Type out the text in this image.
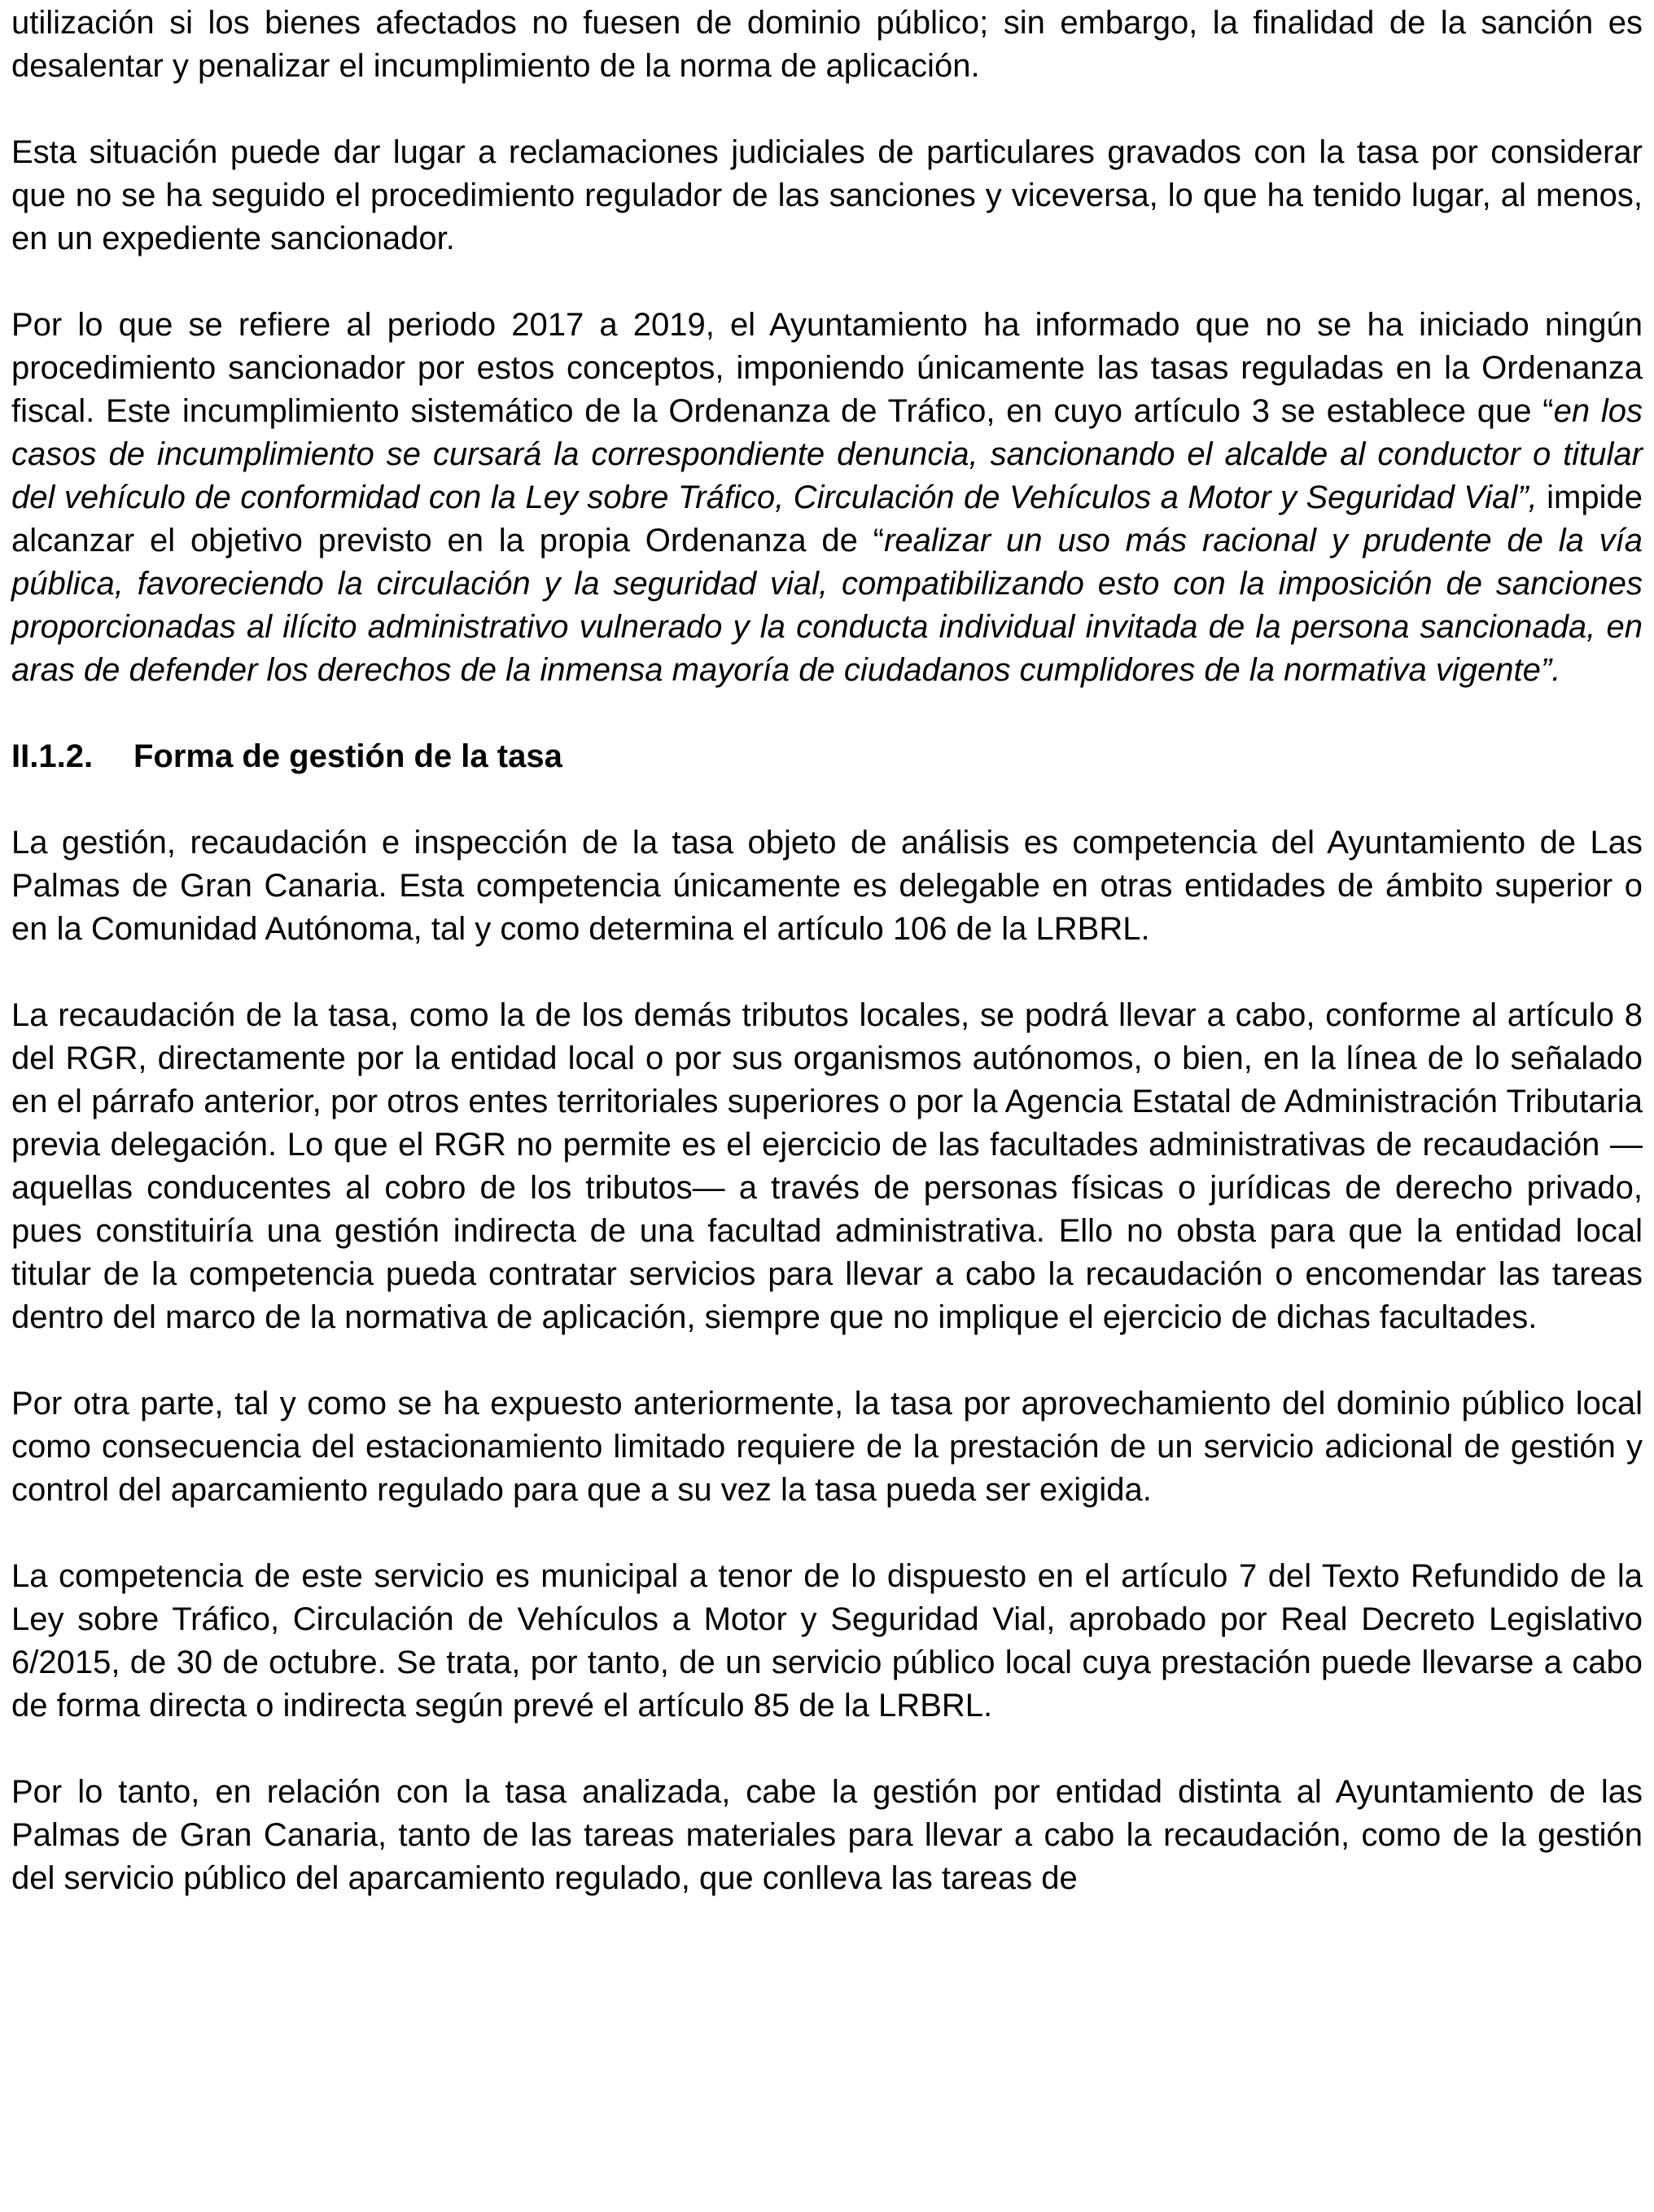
utilización si los bienes afectados no fuesen de dominio público; sin embargo, la finalidad de la sanción es desalentar y penalizar el incumplimiento de la norma de aplicación.

Esta situación puede dar lugar a reclamaciones judiciales de particulares gravados con la tasa por considerar que no se ha seguido el procedimiento regulador de las sanciones y viceversa, lo que ha tenido lugar, al menos, en un expediente sancionador.

Por lo que se refiere al periodo 2017 a 2019, el Ayuntamiento ha informado que no se ha iniciado ningún procedimiento sancionador por estos conceptos, imponiendo únicamente las tasas reguladas en la Ordenanza fiscal. Este incumplimiento sistemático de la Ordenanza de Tráfico, en cuyo artículo 3 se establece que “en los casos de incumplimiento se cursará la correspondiente denuncia, sancionando el alcalde al conductor o titular del vehículo de conformidad con la Ley sobre Tráfico, Circulación de Vehículos a Motor y Seguridad Vial”, impide alcanzar el objetivo previsto en la propia Ordenanza de “realizar un uso más racional y prudente de la vía pública, favoreciendo la circulación y la seguridad vial, compatibilizando esto con la imposición de sanciones proporcionadas al ilícito administrativo vulnerado y la conducta individual invitada de la persona sancionada, en aras de defender los derechos de la inmensa mayoría de ciudadanos cumplidores de la normativa vigente”.

II.1.2. Forma de gestión de la tasa

La gestión, recaudación e inspección de la tasa objeto de análisis es competencia del Ayuntamiento de Las Palmas de Gran Canaria. Esta competencia únicamente es delegable en otras entidades de ámbito superior o en la Comunidad Autónoma, tal y como determina el artículo 106 de la LRBRL.

La recaudación de la tasa, como la de los demás tributos locales, se podrá llevar a cabo, conforme al artículo 8 del RGR, directamente por la entidad local o por sus organismos autónomos, o bien, en la línea de lo señalado en el párrafo anterior, por otros entes territoriales superiores o por la Agencia Estatal de Administración Tributaria previa delegación. Lo que el RGR no permite es el ejercicio de las facultades administrativas de recaudación —aquellas conducentes al cobro de los tributos— a través de personas físicas o jurídicas de derecho privado, pues constituiría una gestión indirecta de una facultad administrativa. Ello no obsta para que la entidad local titular de la competencia pueda contratar servicios para llevar a cabo la recaudación o encomendar las tareas dentro del marco de la normativa de aplicación, siempre que no implique el ejercicio de dichas facultades.

Por otra parte, tal y como se ha expuesto anteriormente, la tasa por aprovechamiento del dominio público local como consecuencia del estacionamiento limitado requiere de la prestación de un servicio adicional de gestión y control del aparcamiento regulado para que a su vez la tasa pueda ser exigida.

La competencia de este servicio es municipal a tenor de lo dispuesto en el artículo 7 del Texto Refundido de la Ley sobre Tráfico, Circulación de Vehículos a Motor y Seguridad Vial, aprobado por Real Decreto Legislativo 6/2015, de 30 de octubre. Se trata, por tanto, de un servicio público local cuya prestación puede llevarse a cabo de forma directa o indirecta según prevé el artículo 85 de la LRBRL.

Por lo tanto, en relación con la tasa analizada, cabe la gestión por entidad distinta al Ayuntamiento de las Palmas de Gran Canaria, tanto de las tareas materiales para llevar a cabo la recaudación, como de la gestión del servicio público del aparcamiento regulado, que conlleva las tareas de
